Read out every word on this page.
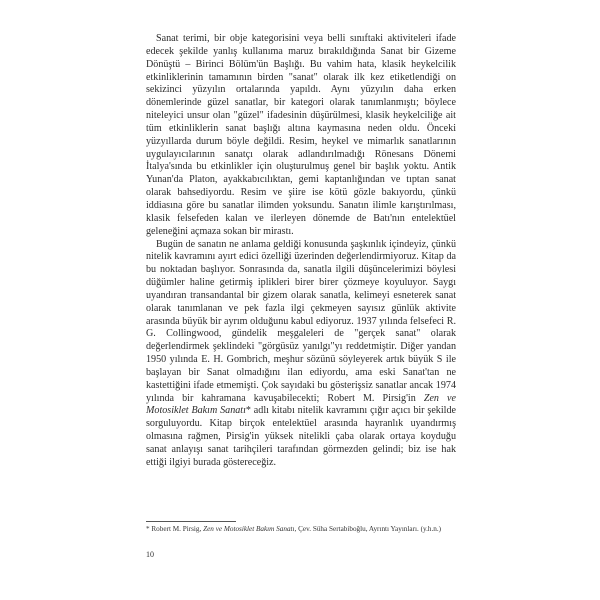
Sanat terimi, bir obje kategorisini veya belli sınıftaki aktiviteleri ifade edecek şekilde yanlış kullanıma maruz bırakıldığında Sanat bir Gizeme Dönüştü – Birinci Bölüm'ün Başlığı. Bu vahim hata, klasik heykelcilik etkinliklerinin tamamının birden "sanat" olarak ilk kez etiketlendiği on sekizinci yüzyılın ortalarında yapıldı. Aynı yüzyılın daha erken dönemlerinde güzel sanatlar, bir kategori olarak tanımlanmıştı; böylece niteleyici unsur olan "güzel" ifadesinin düşürülmesi, klasik heykelciliğe ait tüm etkinliklerin sanat başlığı altına kaymasına neden oldu. Önceki yüzyıllarda durum böyle değildi. Resim, heykel ve mimarlık sanatlarının uygulayıcılarının sanatçı olarak adlandırılmadığı Rönesans Dönemi İtalya'sında bu etkinlikler için oluşturulmuş genel bir başlık yoktu. Antik Yunan'da Platon, ayakkabıcılıktan, gemi kaptanlığından ve tıptan sanat olarak bahsediyordu. Resim ve şiire ise kötü gözle bakıyordu, çünkü iddiasına göre bu sanatlar ilimden yoksundu. Sanatın ilimle karıştırılması, klasik felsefeden kalan ve ilerleyen dönemde de Batı'nın entelektüel geleneğini açmaza sokan bir mirastı.

Bugün de sanatın ne anlama geldiği konusunda şaşkınlık içindeyiz, çünkü nitelik kavramını ayırt edici özelliği üzerinden değerlendirmiyoruz. Kitap da bu noktadan başlıyor. Sonrasında da, sanatla ilgili düşüncelerimizi böylesi düğümler haline getirmiş iplikleri birer birer çözmeye koyuluyor. Saygı uyandıran transandantal bir gizem olarak sanatla, kelimeyi esneterek sanat olarak tanımlanan ve pek fazla ilgi çekmeyen sayısız günlük aktivite arasında büyük bir ayrım olduğunu kabul ediyoruz. 1937 yılında felsefeci R. G. Collingwood, gündelik meşgaleleri de "gerçek sanat" olarak değerlendirmek şeklindeki "görgüsüz yanılgı"yı reddetmiştir. Diğer yandan 1950 yılında E. H. Gombrich, meşhur sözünü söyleyerek artık büyük S ile başlayan bir Sanat olmadığını ilan ediyordu, ama eski Sanat'tan ne kastettiğini ifade etmemişti. Çok sayıdaki bu gösterişsiz sanatlar ancak 1974 yılında bir kahramana kavuşabilecekti; Robert M. Pirsig'in Zen ve Motosiklet Bakım Sanatı* adlı kitabı nitelik kavramını çığır açıcı bir şekilde sorguluyordu. Kitap birçok entelektüel arasında hayranlık uyandırmış olmasına rağmen, Pirsig'in yüksek nitelikli çaba olarak ortaya koyduğu sanat anlayışı sanat tarihçileri tarafından görmezden gelindi; biz ise hak ettiği ilgiyi burada göstereceğiz.

* Robert M. Pirsig, Zen ve Motosiklet Bakım Sanatı, Çev. Süha Sertabiboğlu, Ayrıntı Yayınları. (y.h.n.)

10
